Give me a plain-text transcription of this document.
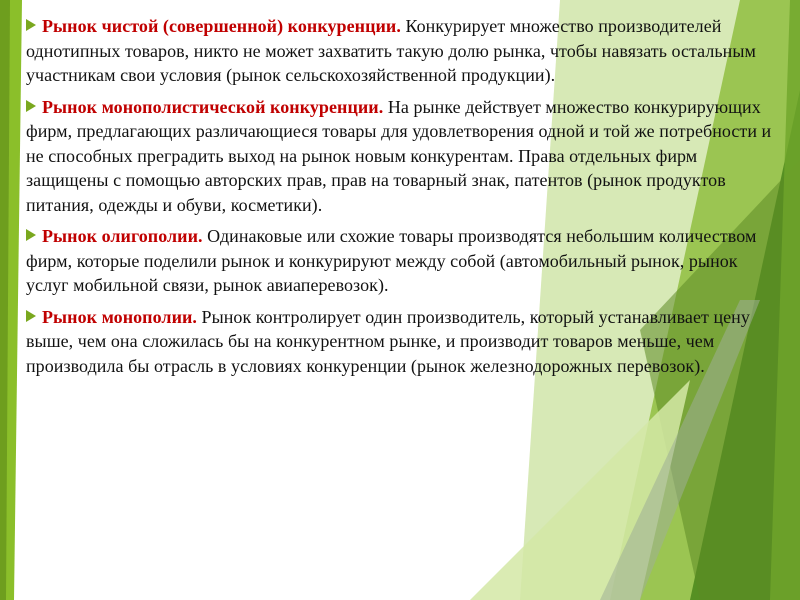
Рынок чистой (совершенной) конкуренции. Конкурирует множество производителей однотипных товаров, никто не может захватить такую долю рынка, чтобы навязать остальным участникам свои условия (рынок сельскохозяйственной продукции).

Рынок монополистической конкуренции. На рынке действует множество конкурирующих фирм, предлагающих различающиеся товары для удовлетворения одной и той же потребности и не способных преградить выход на рынок новым конкурентам. Права отдельных фирм защищены с помощью авторских прав, прав на товарный знак, патентов (рынок продуктов питания, одежды и обуви, косметики).

Рынок олигополии. Одинаковые или схожие товары производятся небольшим количеством фирм, которые поделили рынок и конкурируют между собой (автомобильный рынок, рынок услуг мобильной связи, рынок авиаперевозок).

Рынок монополии. Рынок контролирует один производитель, который устанавливает цену выше, чем она сложилась бы на конкурентном рынке, и производит товаров меньше, чем производила бы отрасль в условиях конкуренции (рынок железнодорожных перевозок).
